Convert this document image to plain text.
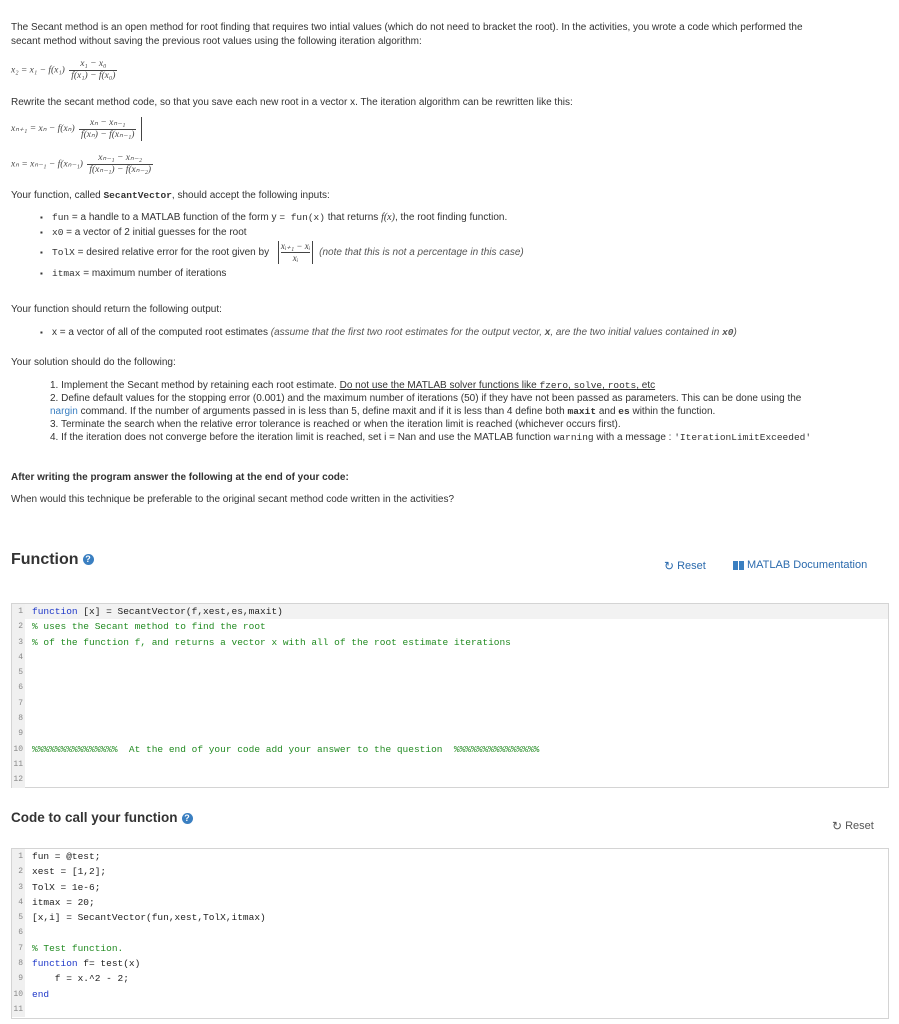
The Secant method is an open method for root finding that requires two intial values (which do not need to bracket the root). In the activities, you wrote a code which performed the
secant method without saving the previous root values using the following iteration algorithm:
$x_2 = x_1 - f(x_1) \frac{\text{x₁ − x₀}}{\text{f(x₁) − f(x₀)}}$
Rewrite the secant method code, so that you save each new root in a vector x. The iteration algorithm can be rewritten like this:
$x_{n+1} = x_n - f(x_n) \frac{\text{xₙ − xₙ₋₁}}{\text{f(xₙ) − f(xₙ₋₁)}}$
$x_n = x_{n-1} - f(x_{n-1}) \frac{\text{xₙ₋₁ − xₙ₋₂}}{\text{f(xₙ₋₁) − f(xₙ₋₂)}}$
Your function, called SecantVector, should accept the following inputs:
▪ fun = a handle to a MATLAB function of the form y = fun(x) that returns f(x), the root finding function.
▪ x0 = a vector of 2 initial guesses for the root
▪ TolX = desired relative error for the root given by $\frac{\text{xᵢ₊₁ − xᵢ}}{\text{xᵢ}}$ (note that this is not a percentage in this case)
▪ itmax = maximum number of iterations
Your function should return the following output:
▪ x = a vector of all of the computed root estimates (assume that the first two root estimates for the output vector, x, are the two initial values contained in x0)
Your solution should do the following:
1. Implement the Secant method by retaining each root estimate. Do not use the MATLAB solver functions like fzero, solve, roots, etc
2. Define default values for the stopping error (0.001) and the maximum number of iterations (50) if they have not been passed as parameters. This can be done using the
nargin command. If the number of arguments passed in is less than 5, define maxit and if it is less than 4 define both maxit and es within the function.
3. Terminate the search when the relative error tolerance is reached or when the iteration limit is reached (whichever occurs first).
4. If the iteration does not converge before the iteration limit is reached, set i = Nan and use the MATLAB function warning with a message : 'IterationLimitExceeded'
After writing the program answer the following at the end of your code:
When would this technique be preferable to the original secant method code written in the activities?
Function ?	↻ Reset	MATLAB Documentation
1 function [x] = SecantVector(f,xest,es,maxit)
2 % uses the Secant method to find the root
3 % of the function f, and returns a vector x with all of the root estimate iterations
4
5
6
7
8
9
10 %%%%%%%%%%%%%%%  At the end of your code add your answer to the question  %%%%%%%%%%%%%%%
11
12
Code to call your function ?
↻ Reset
1 fun = @test;
2 xest = [1,2];
3 TolX = 1e-6;
4 itmax = 20;
5 [x,i] = SecantVector(fun,xest,TolX,itmax)
6
7 % Test function.
8 function f= test(x)
9 f = x.^2 - 2;
10 end
11
